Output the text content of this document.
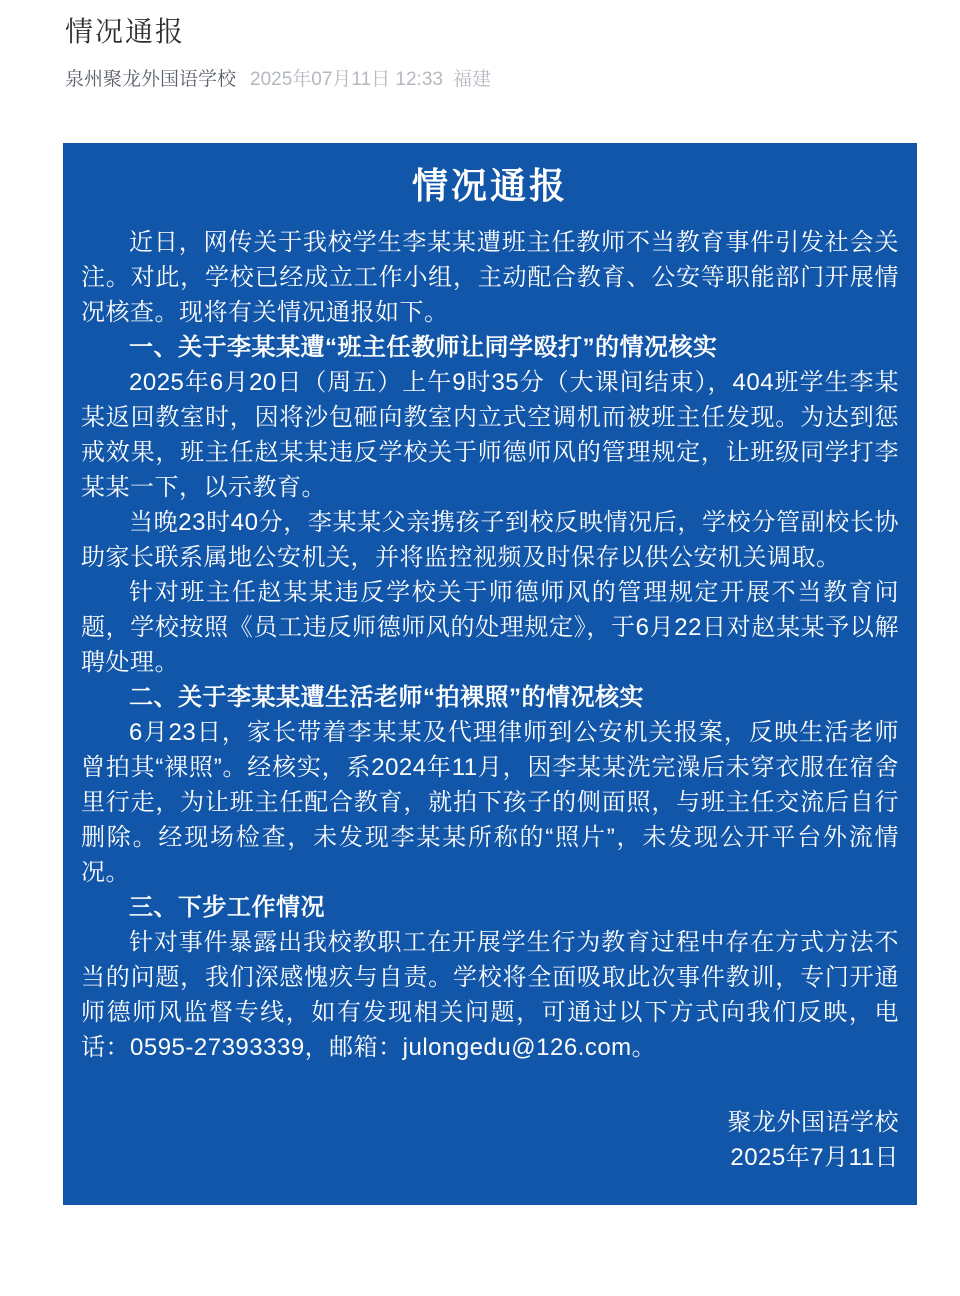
情况通报
泉州聚龙外国语学校 2025年07月11日 12:33 福建
情况通报

近日，网传关于我校学生李某某遭班主任教师不当教育事件引发社会关注。对此，学校已经成立工作小组，主动配合教育、公安等职能部门开展情况核查。现将有关情况通报如下。

一、关于李某某遭“班主任教师让同学殴打”的情况核实

2025年6月20日（周五）上午9时35分（大课间结束），404班学生李某某返回教室时，因将沙包砸向教室内立式空调机而被班主任发现。为达到惩戒效果，班主任赵某某违反学校关于师德师风的管理规定，让班级同学打李某某一下，以示教育。

当晚23时40分，李某某父亲携孩子到校反映情况后，学校分管副校长协助家长联系属地公安机关，并将监控视频及时保存以供公安机关调取。

针对班主任赵某某违反学校关于师德师风的管理规定开展不当教育问题，学校按照《员工违反师德师风的处理规定》，于6月22日对赵某某予以解聘处理。

二、关于李某某遭生活老师“拍裸照”的情况核实

6月23日，家长带着李某某及代理律师到公安机关报案，反映生活老师曾拍其“裸照”。经核实，系2024年11月，因李某某洗完澡后未穿衣服在宿舍里行走，为让班主任配合教育，就拍下孩子的侧面照，与班主任交流后自行删除。经现场检查，未发现李某某所称的“照片”，未发现公开平台外流情况。

三、下步工作情况

针对事件暴露出我校教职工在开展学生行为教育过程中存在方式方法不当的问题，我们深感愧疚与自责。学校将全面吸取此次事件教训，专门开通师德师风监督专线，如有发现相关问题，可通过以下方式向我们反映，电话：0595-27393339，邮箱：julongedu@126.com。

聚龙外国语学校
2025年7月11日
